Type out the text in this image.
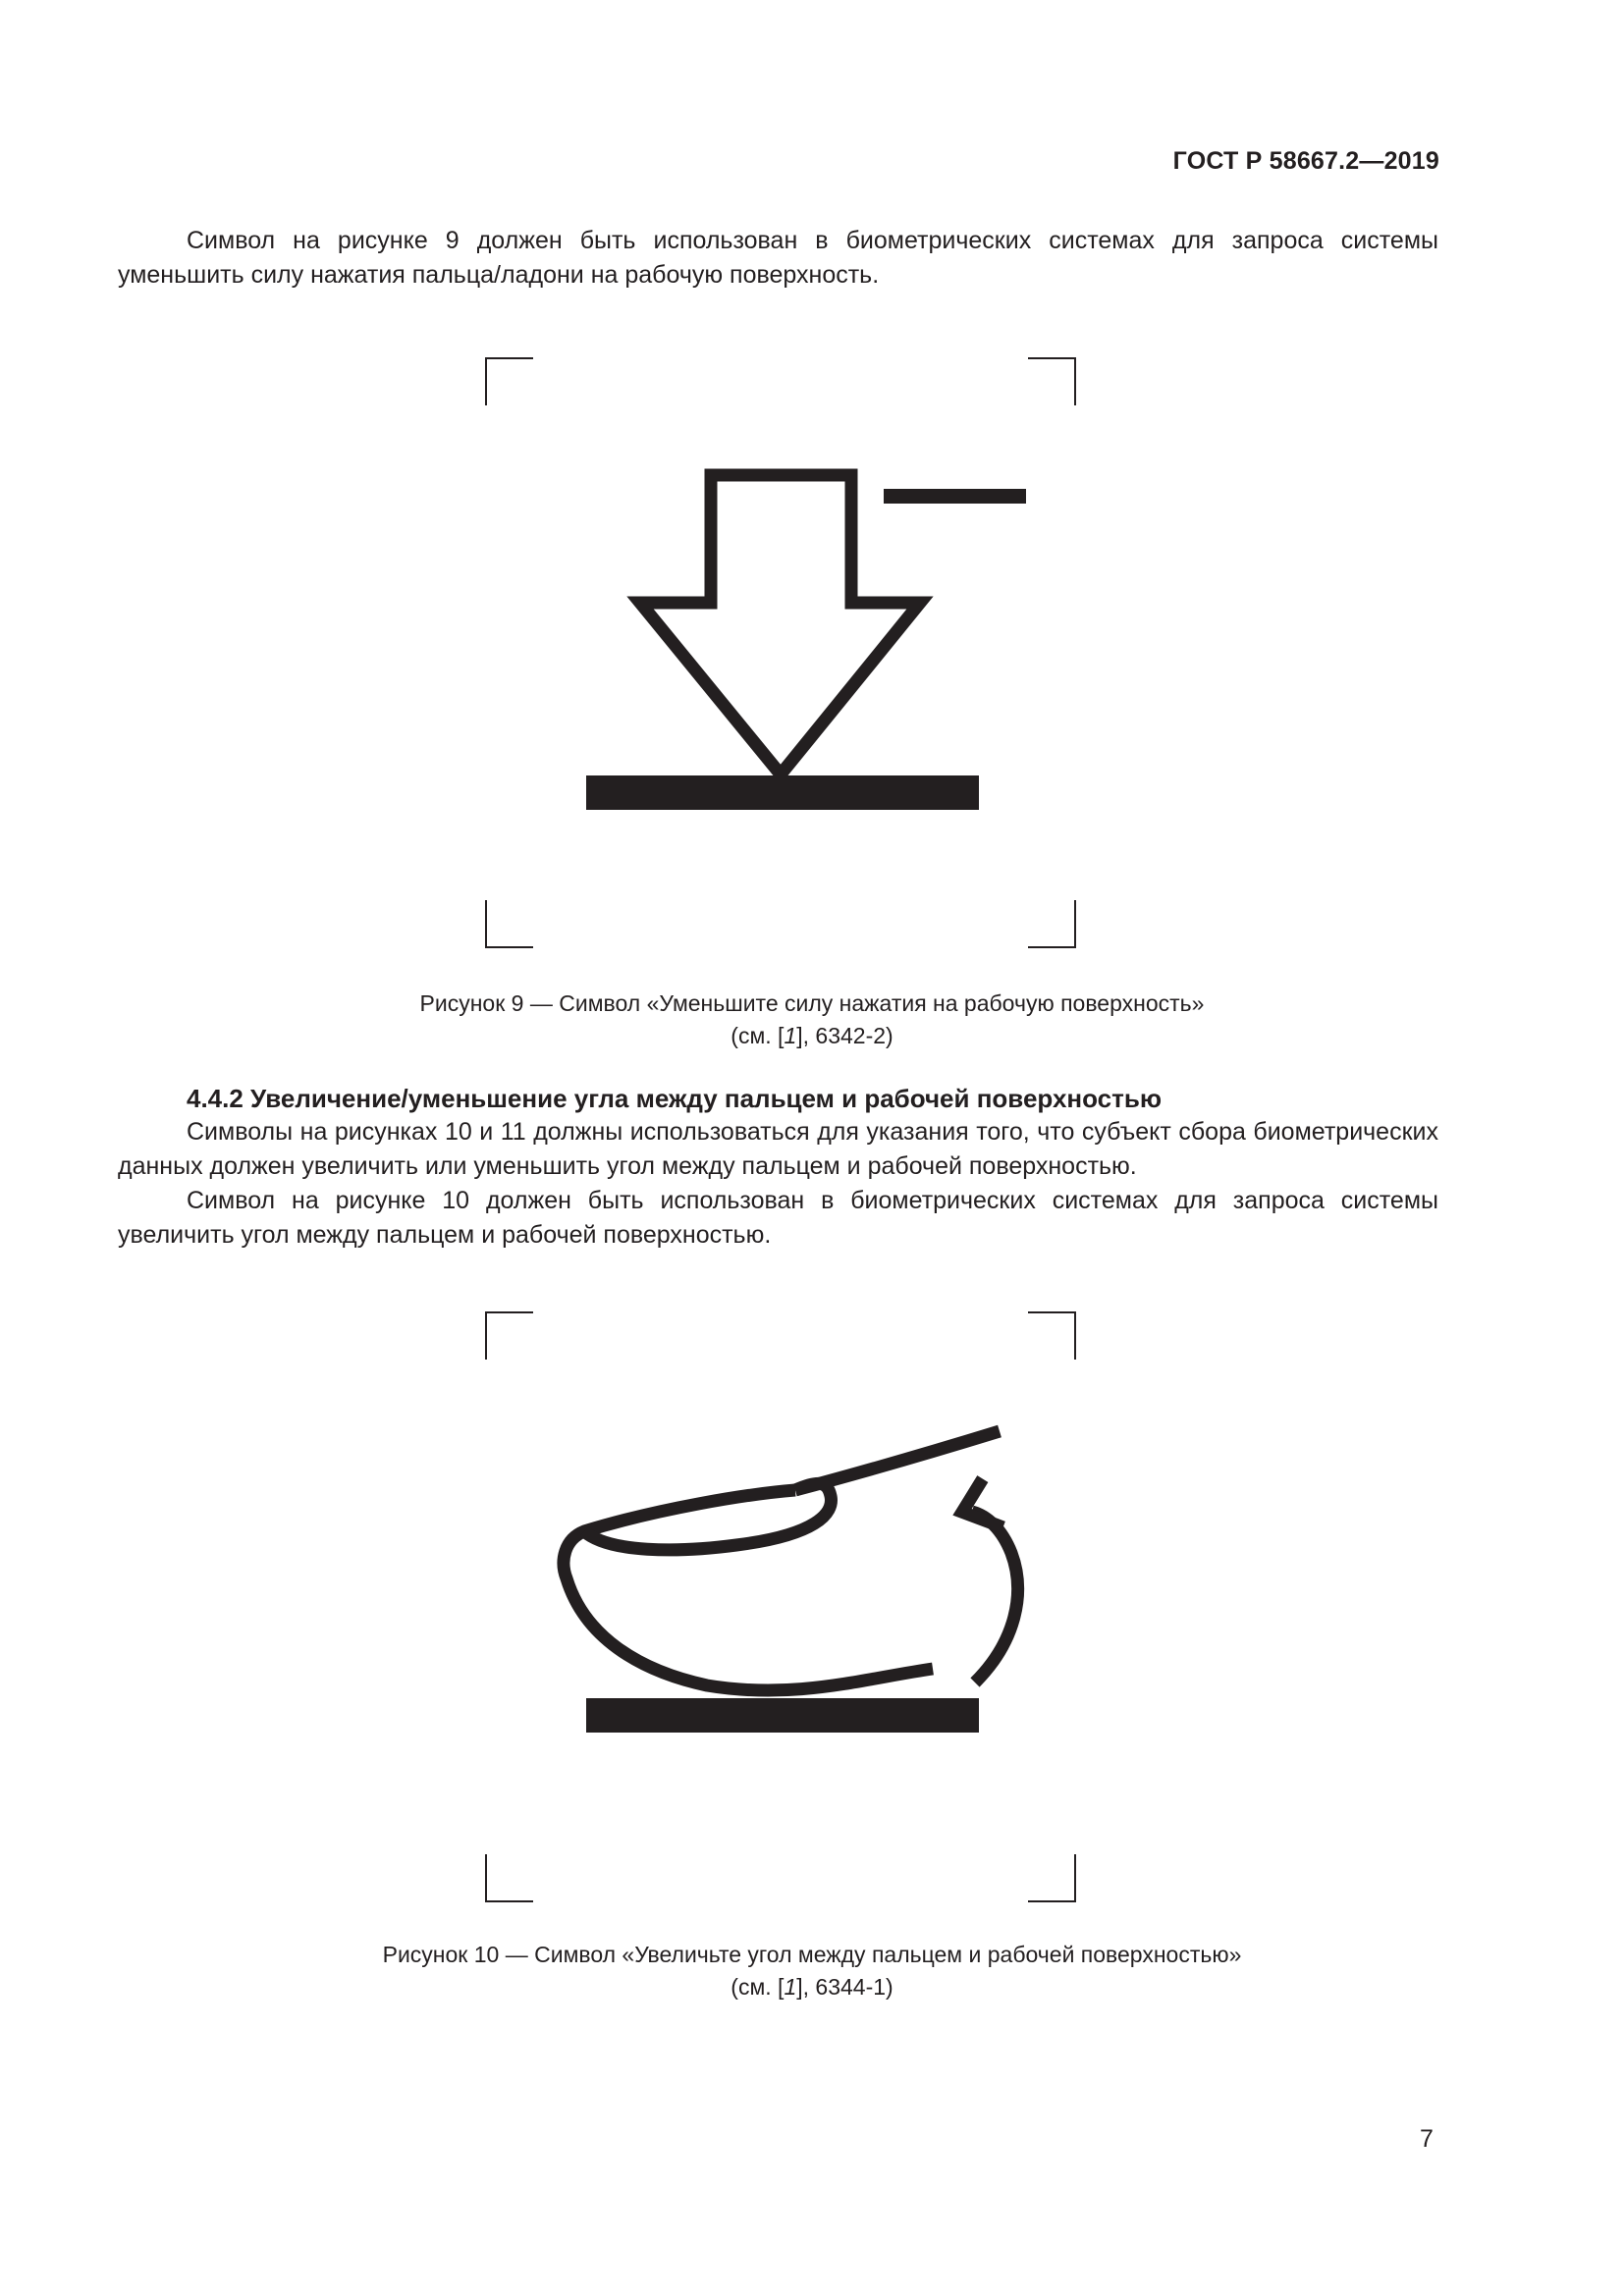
ГОСТ Р 58667.2—2019
Символ на рисунке 9 должен быть использован в биометрических системах для запроса системы уменьшить силу нажатия пальца/ладони на рабочую поверхность.
Рисунок 9 — Символ «Уменьшите силу нажатия на рабочую поверхность»
(см. [1], 6342-2)
4.4.2 Увеличение/уменьшение угла между пальцем и рабочей поверхностью
Символы на рисунках 10 и 11 должны использоваться для указания того, что субъект сбора биометрических данных должен увеличить или уменьшить угол между пальцем и рабочей поверхностью.
Символ на рисунке 10 должен быть использован в биометрических системах для запроса системы увеличить угол между пальцем и рабочей поверхностью.
Рисунок 10 — Символ «Увеличьте угол между пальцем и рабочей поверхностью»
(см. [1], 6344-1)
7
